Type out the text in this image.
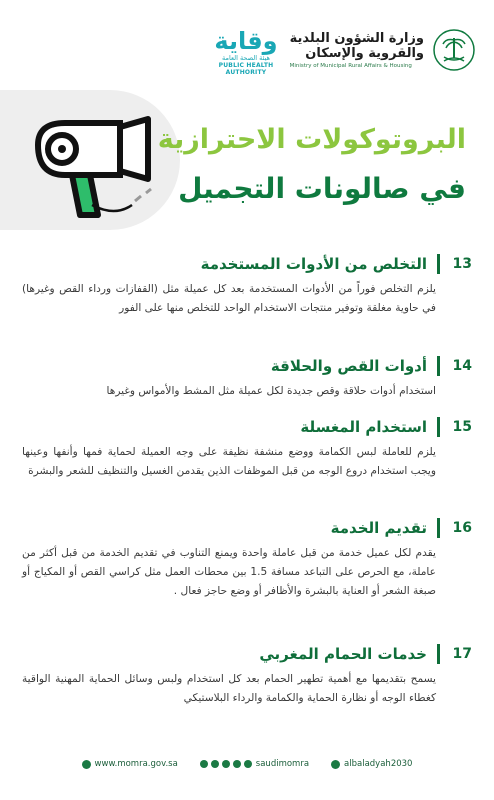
وزارة الشؤون البلدية
والقروية والإسكان
Ministry of Municipal Rural Affairs & Housing
وقاية
هيئة الصحة العامة
PUBLIC HEALTH AUTHORITY
البروتوكولات الاحترازية
في صالونات التجميل
13
التخلص من الأدوات المستخدمة
يلزم التخلص فوراً من الأدوات المستخدمة بعد كل عميلة مثل (القفازات ورداء القص وغيرها) في حاوية مغلقة وتوفير منتجات الاستخدام الواحد للتخلص منها على الفور
14
أدوات القص والحلاقة
استخدام أدوات حلاقة وقص جديدة لكل عميلة مثل المشط والأمواس وغيرها
15
استخدام المغسلة
يلزم للعاملة لبس الكمامة ووضع منشفة نظيفة على وجه العميلة لحماية فمها وأنفها وعينها ويجب استخدام دروع الوجه من قبل الموظفات الذين يقدمن الغسيل والتنظيف للشعر والبشرة
16
تقديم الخدمة
يقدم لكل عميل خدمة من قبل عاملة واحدة ويمنع التناوب في تقديم الخدمة من قبل أكثر من عاملة، مع الحرص على التباعد مسافة 1.5 بين محطات العمل مثل كراسي القص أو المكياج أو صبغة الشعر أو العناية بالبشرة والأظافر أو وضع حاجز فعال .
17
خدمات الحمام المغربي
يسمح بتقديمها مع أهمية تطهير الحمام بعد كل استخدام ولبس وسائل الحماية المهنية الواقية كغطاء الوجه أو نظارة الحماية والكمامة والرداء البلاستيكي
www.momra.gov.sa	saudimomra	albaladyah2030
